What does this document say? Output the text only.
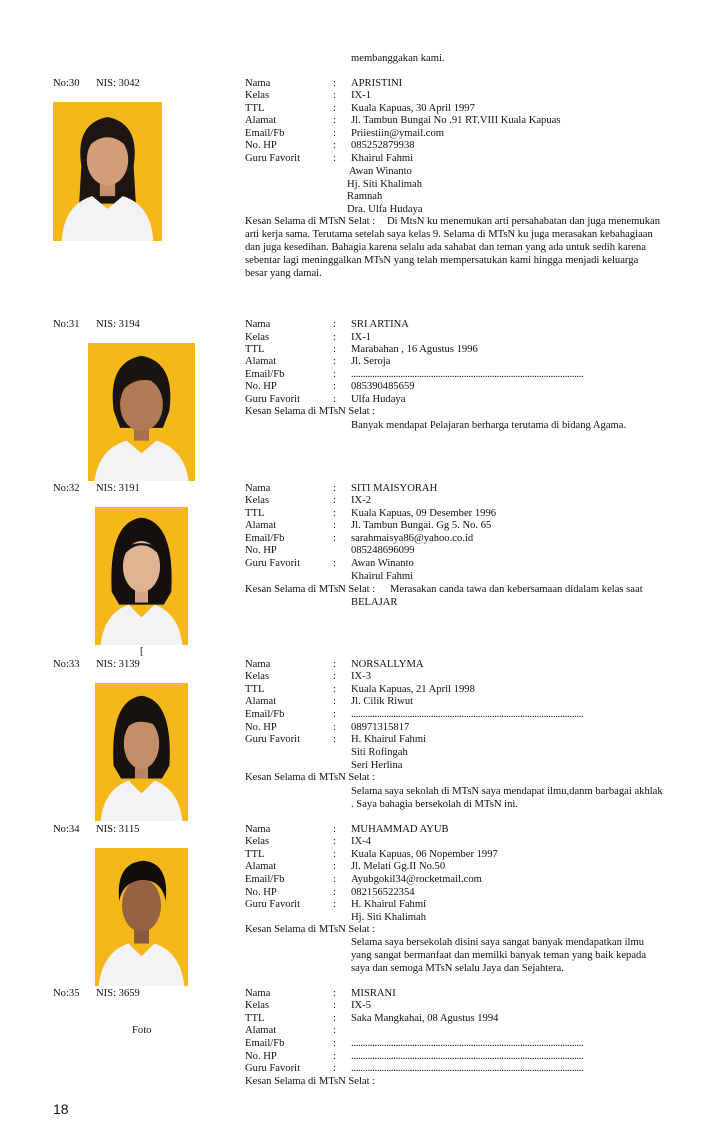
membanggakan kami.
No:30 NIS: 3042	Nama	: APRISTINI
Kelas	: IX-1
TTL	: Kuala Kapuas, 30 April 1997
Alamat	: Jl. Tambun Bungai No .91 RT.VIII Kuala Kapuas
Email/Fb	: Priiestiin@ymail.com
No. HP	: 085252879938
Guru Favorit	: Khairul Fahmi
Awan Winanto
Hj. Siti Khalimah
Ramnah
Dra. Ulfa Hudaya
Kesan Selama di MTsN Selat : Di MtsN ku menemukan arti persahabatan dan juga menemukan
arti kerja sama. Terutama setelah saya kelas 9. Selama di MTsN ku juga merasakan kebahagiaan
dan juga kesedihan. Bahagia karena selalu ada sahabat dan teman yang ada untuk sedih karena
sebentar lagi meninggalkan MTsN yang telah mempersatukan kami hingga menjadi keluarga
besar yang damai.
No:31 NIS: 3194	Nama	: SRI ARTINA
Kelas	: IX-1
TTL	: Marabahan , 16 Agustus 1996
Alamat	: Jl. Seroja
Email/Fb	: ...................................................................................................
No. HP	: 085390485659
Guru Favorit	: Ulfa Hudaya
Kesan Selama di MTsN Selat :
Banyak mendapat Pelajaran berharga terutama di bidang Agama.
No:32 NIS: 3191
[
Nama	: SITI MAISYORAH
Kelas	: IX-2
TTL	: Kuala Kapuas, 09 Desember 1996
Alamat	: Jl. Tambun Bungai. Gg 5. No. 65
Email/Fb	: sarahmaisya86@yahoo.co.id
No. HP	085248696099
Guru Favorit	: Awan Winanto
Khairul Fahmi
Kesan Selama di MTsN Selat : Merasakan canda tawa dan kebersamaan didalam kelas saat
BELAJAR
No:33 NIS: 3139	Nama	: NORSALLYMA
Kelas	: IX-3
TTL	: Kuala Kapuas, 21 April 1998
Alamat	: Jl. Cilik Riwut
Email/Fb	: ...................................................................................................
No. HP	: 08971315817
Guru Favorit	: H. Khairul Fahmi
Siti Rofingah
Seri Herlina
Kesan Selama di MTsN Selat :
Selama saya sekolah di MTsN saya mendapat ilmu,danm barbagai akhlak
. Saya bahagia bersekolah di MTsN ini.
No:34 NIS: 3115	Nama	: MUHAMMAD AYUB
Kelas	: IX-4
TTL	: Kuala Kapuas, 06 Nopember 1997
Alamat	: Jl. Melati Gg.II No.50
Email/Fb	: Ayubgokil34@rocketmail.com
No. HP	: 082156522354
Guru Favorit	: H. Khairul Fahmi
Hj. Siti Khalimah
Kesan Selama di MTsN Selat :
Selama saya bersekolah disini saya sangat banyak mendapatkan ilmu
yang sangat bermanfaat dan memilki banyak teman yang baik kepada
saya dan semoga MTsN selalu Jaya dan Sejahtera.
No:35 NIS: 3659
Foto
Nama	: MISRANI
Kelas	: IX-5
TTL	: Saka Mangkahai, 08 Agustus 1994
Alamat	:
Email/Fb	: ...................................................................................................
No. HP	: ...................................................................................................
Guru Favorit	: ...................................................................................................
Kesan Selama di MTsN Selat :
18
